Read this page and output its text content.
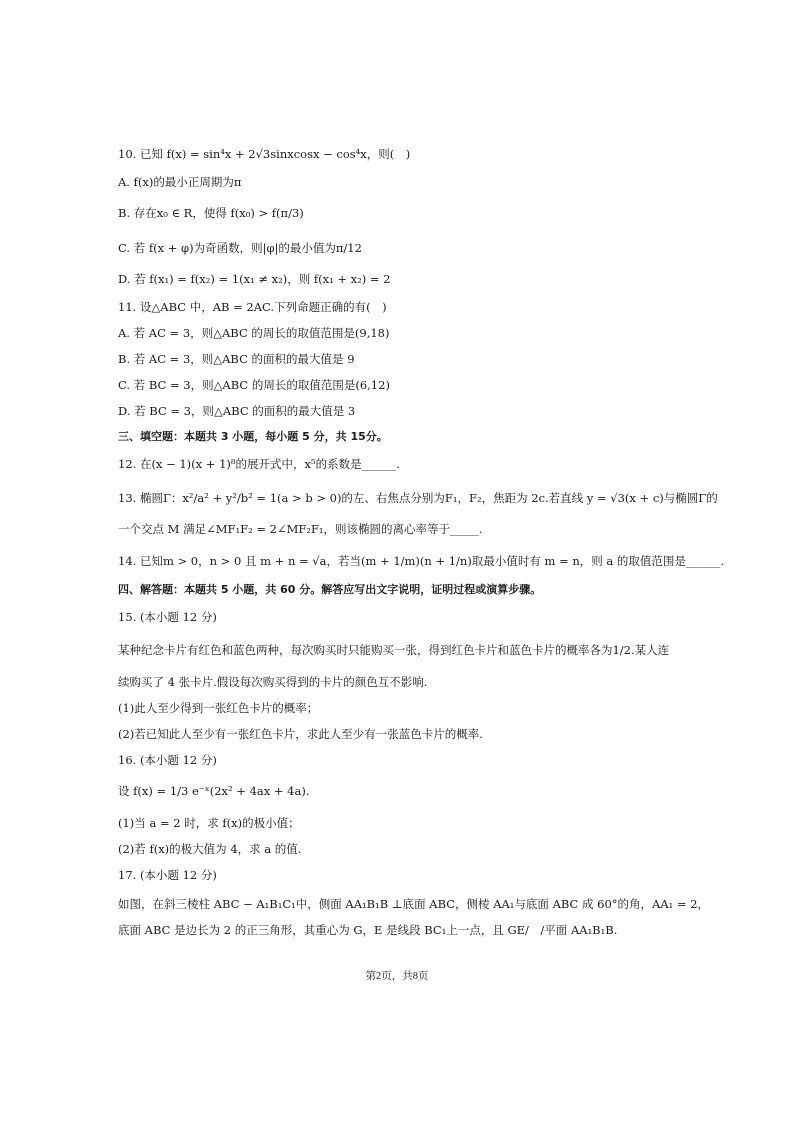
10. 已知 f(x) = sin⁴x + 2√3sinxcosx − cos⁴x，则(　)
A. f(x)的最小正周期为π
B. 存在x₀ ∈ R，使得 f(x₀) > f(π/3)
C. 若 f(x + φ)为奇函数，则|φ|的最小值为π/12
D. 若 f(x₁) = f(x₂) = 1(x₁ ≠ x₂)，则 f(x₁ + x₂) = 2
11. 设△ABC 中，AB = 2AC.下列命题正确的有(　)
A. 若 AC = 3，则△ABC 的周长的取值范围是(9,18)
B. 若 AC = 3，则△ABC 的面积的最大值是 9
C. 若 BC = 3，则△ABC 的周长的取值范围是(6,12)
D. 若 BC = 3，则△ABC 的面积的最大值是 3
三、填空题：本题共 3 小题，每小题 5 分，共 15分。
12. 在(x − 1)(x + 1)⁸的展开式中，x⁵的系数是______.
13. 椭圆Γ：x²/a² + y²/b² = 1(a > b > 0)的左、右焦点分别为F₁，F₂，焦距为 2c.若直线 y = √3(x + c)与椭圆Γ的
一个交点 M 满足∠MF₁F₂ = 2∠MF₂F₁，则该椭圆的离心率等于_____.
14. 已知m > 0，n > 0 且 m + n = √a，若当(m + 1/m)(n + 1/n)取最小值时有 m = n，则 a 的取值范围是______.
四、解答题：本题共 5 小题，共 60 分。解答应写出文字说明，证明过程或演算步骤。
15. (本小题 12 分)
某种纪念卡片有红色和蓝色两种，每次购买时只能购买一张，得到红色卡片和蓝色卡片的概率各为1/2.某人连
续购买了 4 张卡片.假设每次购买得到的卡片的颜色互不影响.
(1)此人至少得到一张红色卡片的概率；
(2)若已知此人至少有一张红色卡片，求此人至少有一张蓝色卡片的概率.
16. (本小题 12 分)
设 f(x) = 1/3 e⁻ˣ(2x² + 4ax + 4a).
(1)当 a = 2 时，求 f(x)的极小值；
(2)若 f(x)的极大值为 4，求 a 的值.
17. (本小题 12 分)
如图，在斜三棱柱 ABC − A₁B₁C₁中，侧面 AA₁B₁B ⊥底面 ABC，侧棱 AA₁与底面 ABC 成 60°的角，AA₁ = 2，
底面 ABC 是边长为 2 的正三角形，其重心为 G，E 是线段 BC₁上一点，且 GE/　/平面 AA₁B₁B.
第2页，共8页
